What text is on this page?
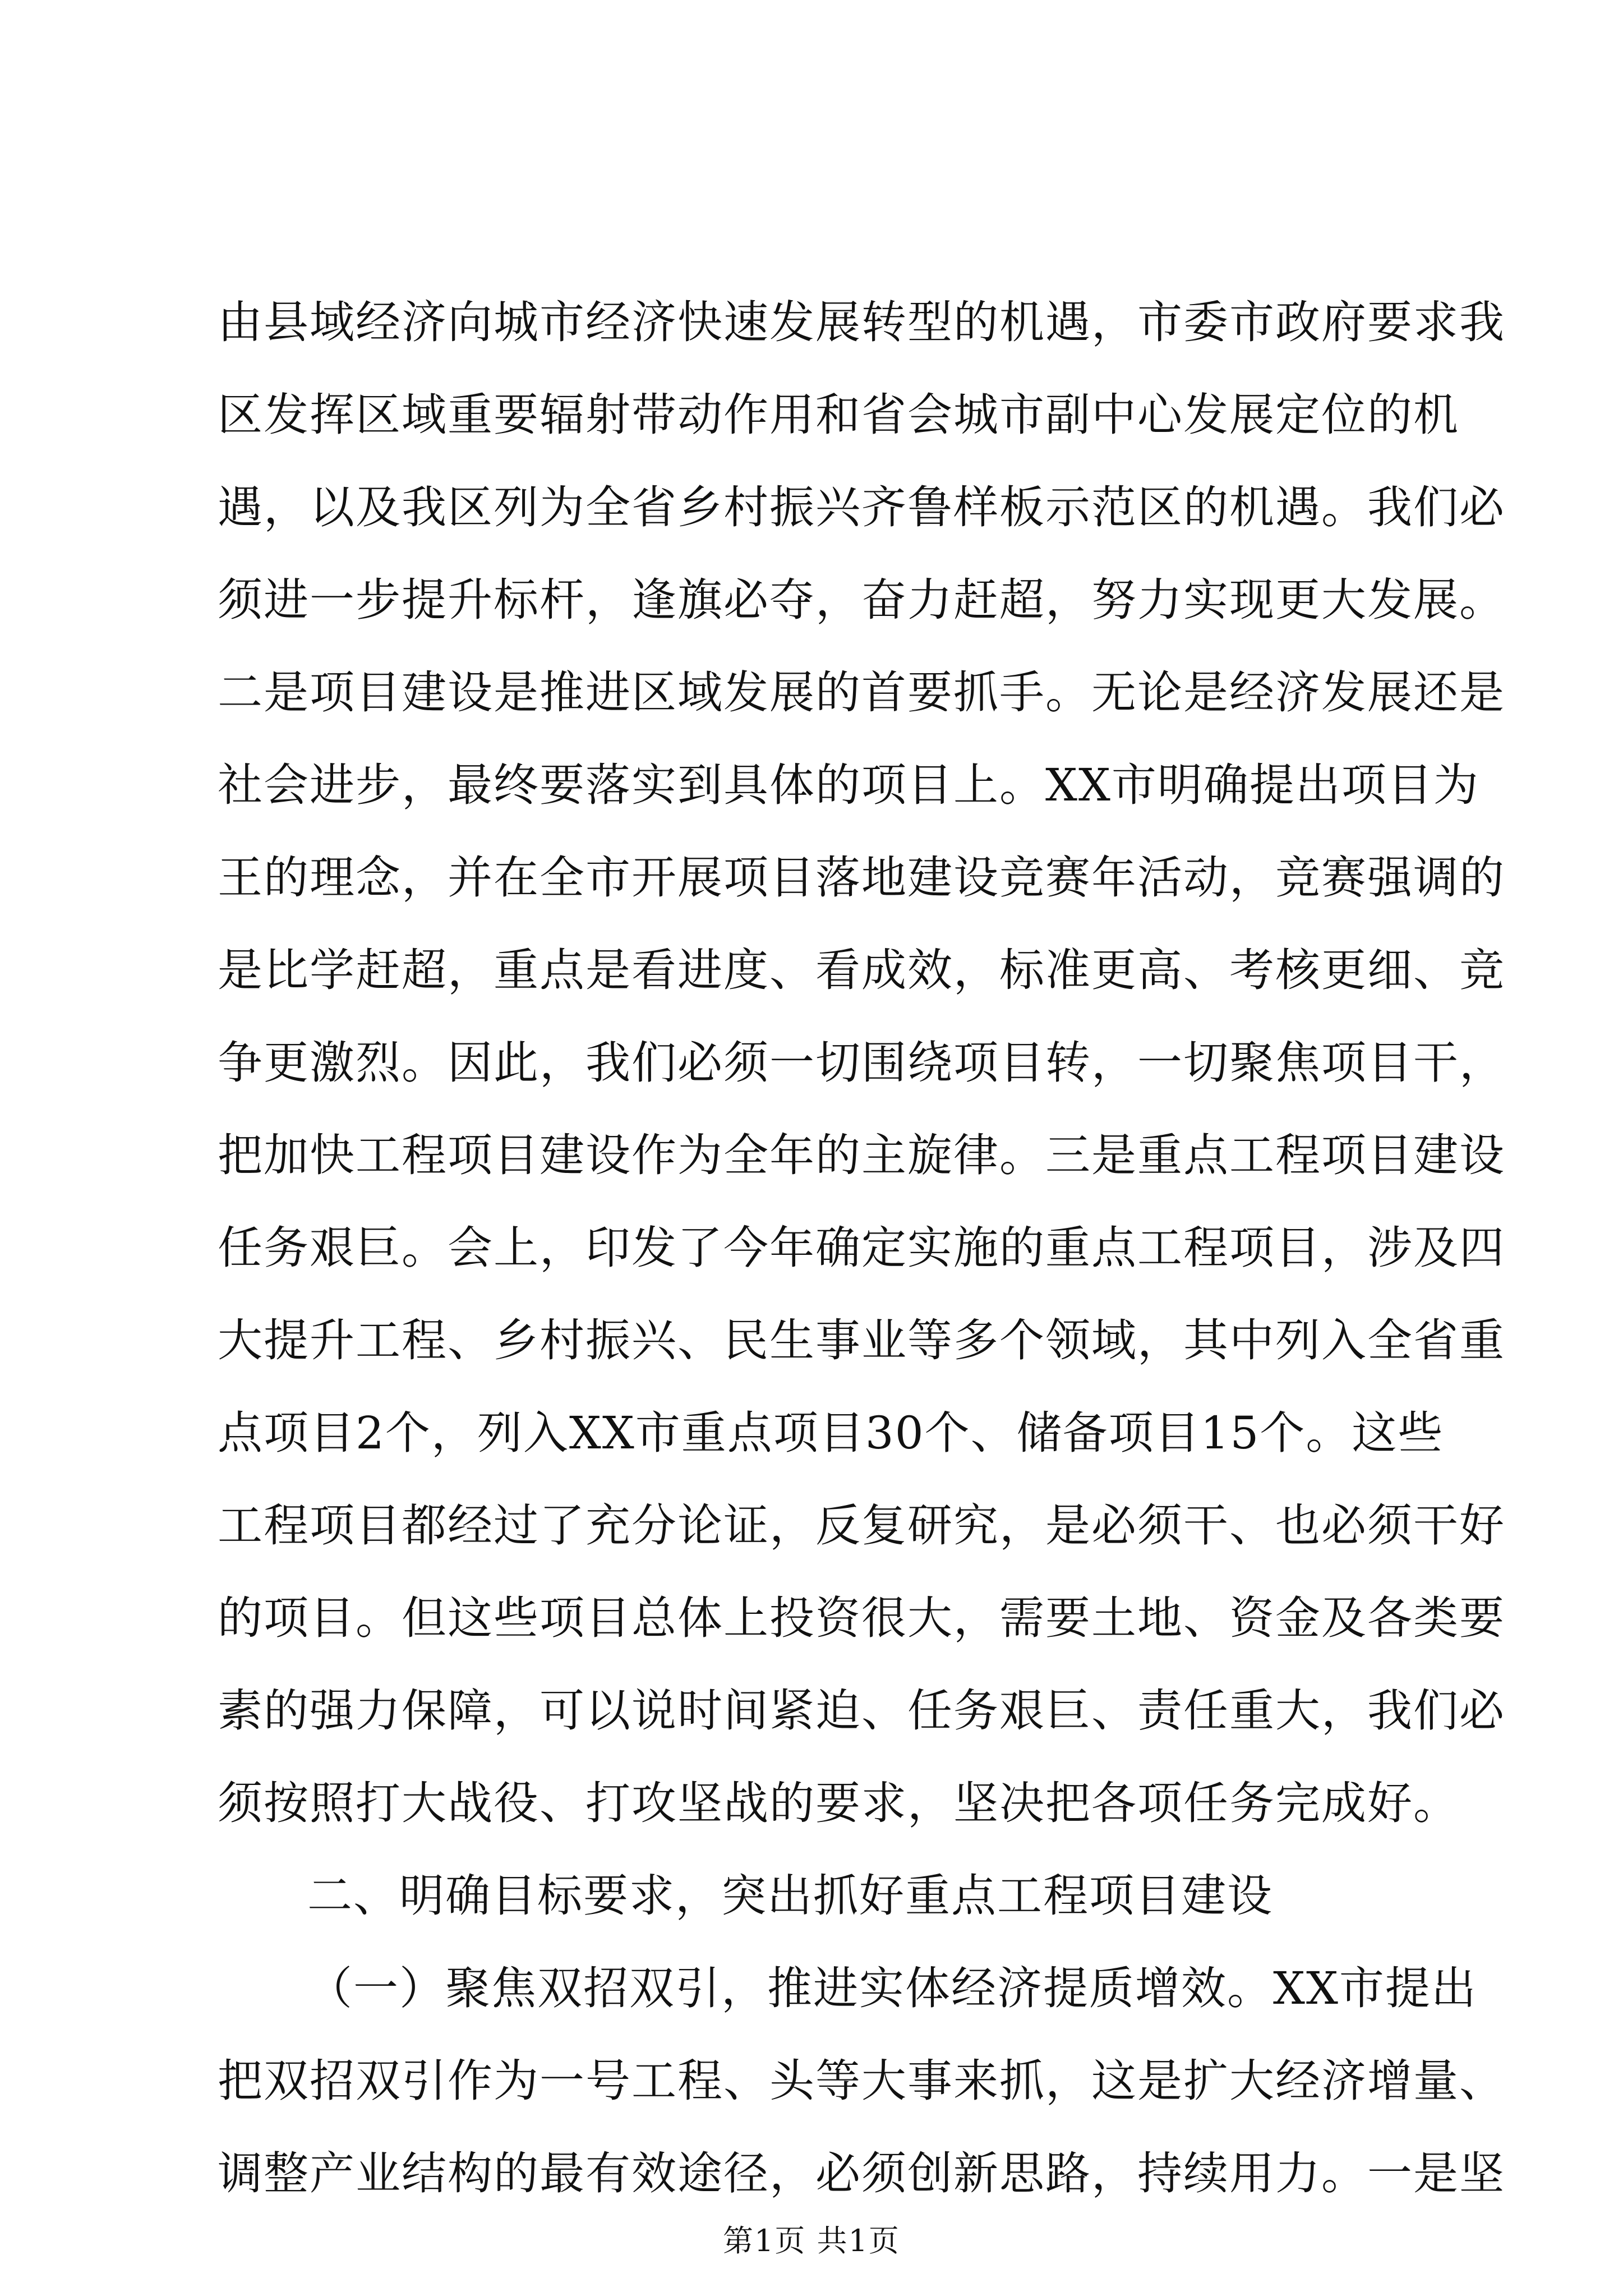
由县域经济向城市经济快速发展转型的机遇，市委市政府要求我
区发挥区域重要辐射带动作用和省会城市副中心发展定位的机
遇，以及我区列为全省乡村振兴齐鲁样板示范区的机遇。我们必
须进一步提升标杆，逢旗必夺，奋力赶超，努力实现更大发展。
二是项目建设是推进区域发展的首要抓手。无论是经济发展还是
社会进步，最终要落实到具体的项目上。XX市明确提出项目为
王的理念，并在全市开展项目落地建设竞赛年活动，竞赛强调的
是比学赶超，重点是看进度、看成效，标准更高、考核更细、竞
争更激烈。因此，我们必须一切围绕项目转，一切聚焦项目干，
把加快工程项目建设作为全年的主旋律。三是重点工程项目建设
任务艰巨。会上，印发了今年确定实施的重点工程项目，涉及四
大提升工程、乡村振兴、民生事业等多个领域，其中列入全省重
点项目2个，列入XX市重点项目30个、储备项目15个。这些
工程项目都经过了充分论证，反复研究，是必须干、也必须干好
的项目。但这些项目总体上投资很大，需要土地、资金及各类要
素的强力保障，可以说时间紧迫、任务艰巨、责任重大，我们必
须按照打大战役、打攻坚战的要求，坚决把各项任务完成好。
二、明确目标要求，突出抓好重点工程项目建设
（一）聚焦双招双引，推进实体经济提质增效。XX市提出
把双招双引作为一号工程、头等大事来抓，这是扩大经济增量、
调整产业结构的最有效途径，必须创新思路，持续用力。一是坚
第1页 共1页
